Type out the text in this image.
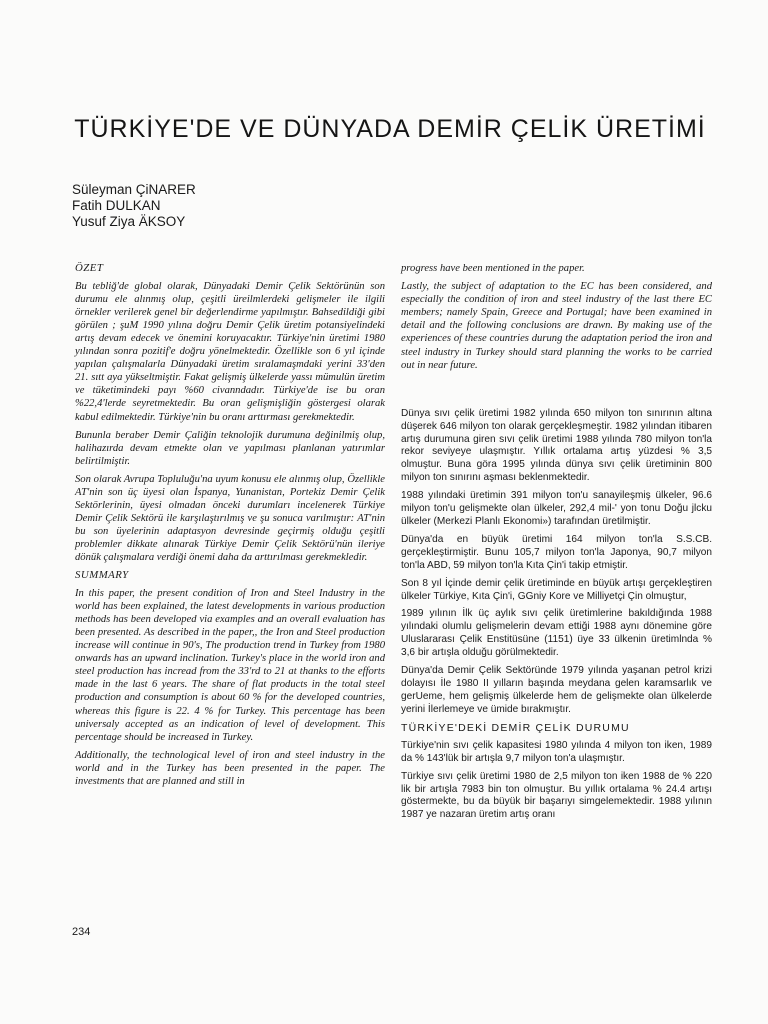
TÜRKİYE'DE VE DÜNYADA DEMİR ÇELİK ÜRETİMİ
Süleyman ÇiNARER
Fatih DULKAN
Yusuf Ziya ÄKSOY

ÖZET

Bu tebliğ'de global olarak, Dünyadaki Demir Çelik Sektörünün son durumu ele alınmış olup, çeşitli üreilmlerdeki gelişmeler ile ilgili örnekler verilerek genel bir değerlendirme yapılmıştır. Bahsedildiği gibi görülen ; şuM 1990 yılına doğru Demir Çelik üretim potansiyelindeki artış devam edecek ve önemini koruyacaktır. Türkiye'nin üretimi 1980 yılından sonra pozitif'e doğru yönelmektedir. Özellikle son 6 yıl içinde yapılan çalışmalarla Dünyadaki üretim sıralamaşmdaki yerini 33'den 21. sıtt aya yükseltmiştir. Fakat gelişmiş ülkelerde yassı mümulün üretim ve tüketimindeki payı %60 civanndadır. Türkiye'de ise bu oran %22,4'lerde seyretmektedir. Bu oran gelişmişliğin göstergesi olarak kabul edilmektedir. Türkiye'nin bu oranı arttırması gerekmektedir.

Bununla beraber Demir Çaliğin teknolojik durumuna değinilmiş olup, halihazırda devam etmekte olan ve yapılması planlanan yatırımlar belirtilmiştir.

Son olarak Avrupa Topluluğu'na uyum konusu ele alınmış olup, Özellikle AT'nin son üç üyesi olan İspanya, Yunanistan, Portekiz Demir Çelik Sektörlerinin, üyesi olmadan önceki durumları incelenerek Türkiye Demir Çelik Sektörü ile karşılaştırılmış ve şu sonuca varılmıştır: AT'nin bu son üyelerinin adaptasyon devresinde geçirmiş olduğu çeşitli problemler dikkate alınarak Türkiye Demir Çelik Sektörü'nün ileriye dönük çalışmalara verdiği önemi daha da arttırılması gerekmekledir.

SUMMARY

In this paper, the present condition of Iron and Steel Industry in the world has been explained, the latest developments in various production methods has been developed via examples and an overall evaluation has been presented. As described in the paper,, the Iron and Steel production increase will continue in 90's, The production trend in Turkey from 1980 onwards has an upward inclination. Turkey's place in the world iron and steel production has incread from the 33'rd to 21 at thanks to the efforts made in the last 6 years. The share of flat products in the total steel production and consumption is about 60 % for the developed countries, whereas this figure is 22. 4 % for Turkey. This percentage has been universaly accepted as an indication of level of development. This percentage should be increased in Turkey.

Additionally, the technological level of iron and steel industry in the world and in the Turkey has been presented in the paper. The investments that are planned and still in

progress have been mentioned in the paper.

Lastly, the subject of adaptation to the EC has been considered, and especially the condition of iron and steel industry of the last there EC members; namely Spain, Greece and Portugal; have been examined in detail and the following conclusions are drawn. By making use of the experiences of these countries durung the adaptation period the iron and steel industry in Turkey should stard planning the works to be carried out in near future.

Dünya sıvı çelik üretimi 1982 yılında 650 milyon ton sınırının altına düşerek 646 milyon ton olarak gerçekleşmeştir. 1982 yılından itibaren artış durumuna giren sıvı çelik üretimi 1988 yılında 780 milyon ton'la rekor seviyeye ulaşmıştır. Yıllık ortalama artış yüzdesi % 3,5 olmuştur. Buna göra 1995 yılında dünya sıvı çelik üretiminin 800 milyon ton sınırını aşması beklenmektedir.

1988 yılındaki üretimin 391 milyon ton'u sanayileşmiş ülkeler, 96.6 milyon ton'u gelişmekte olan ülkeler, 292,4 mil-' yon tonu Doğu jlcku ülkeler (Merkezi Planlı Ekonomi») tarafından üretilmiştir.

Dünya'da en büyük üretimi 164 milyon ton'la S.S.CB. gerçekleştirmiştir. Bunu 105,7 milyon ton'la Japonya, 90,7 milyon ton'la ABD, 59 milyon ton'la Kıta Çin'i takip etmiştir.

Son 8 yıl İçinde demir çelik üretiminde en büyük artışı gerçekleştiren ülkeler Türkiye, Kıta Çin'i, GGniy Kore ve Milliyetçi Çin olmuştur,

1989 yılının İlk üç aylık sıvı çelik üretimlerine bakıldığında 1988 yılındaki olumlu gelişmelerin devam ettiği 1988 aynı dönemine göre Uluslararası Çelik Enstitüsüne (1151) üye 33 ülkenin üretimlnda % 3,6 bir artışla olduğu görülmektedir.

Dünya'da Demir Çelik Sektöründe 1979 yılında yaşanan petrol krizi dolayısı İle 1980 II yılların başında meydana gelen karamsarlık ve gerUeme, hem gelişmiş ülkelerde hem de gelişmekte olan ülkelerde yerini İlerlemeye ve ümide bırakmıştır.

TÜRKİYE'DEKİ DEMİR ÇELİK DURUMU

Türkiye'nin sıvı çelik kapasitesi 1980 yılında 4 milyon ton iken, 1989 da % 143'lük bir artışla 9,7 milyon ton'a ulaşmıştır.

Türkiye sıvı çelik üretimi 1980 de 2,5 milyon ton iken 1988 de % 220 lik bir artışla 7983 bin ton olmuştur. Bu yıllık ortalama % 24.4 artışı göstermekte, bu da büyük bir başarıyı simgelemektedir. 1988 yılının 1987 ye nazaran üretim artış oranı

234
